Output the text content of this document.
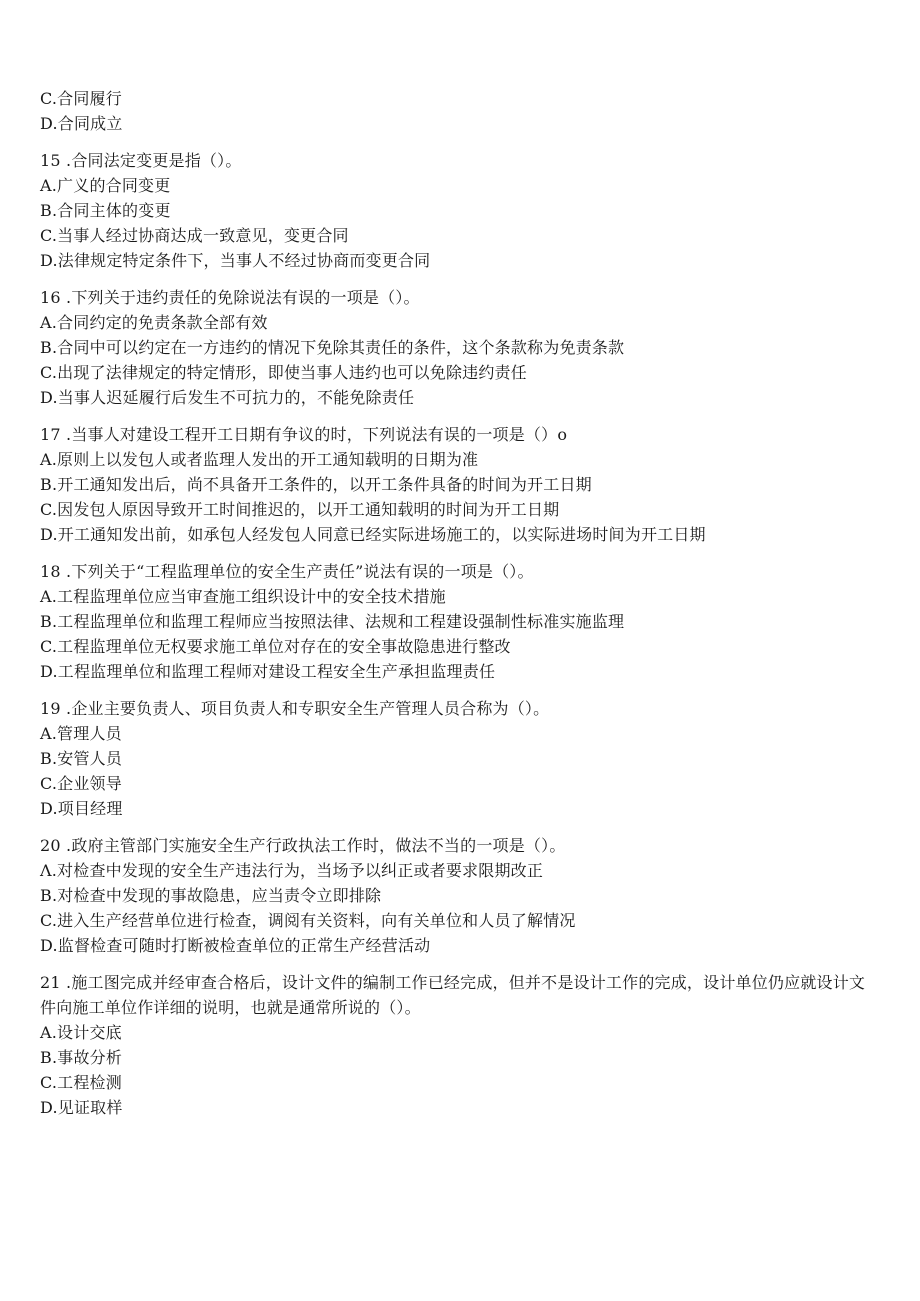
C.合同履行
D.合同成立
15 .合同法定变更是指（）。
A.广义的合同变更
B.合同主体的变更
C.当事人经过协商达成一致意见，变更合同
D.法律规定特定条件下，当事人不经过协商而变更合同
16 .下列关于违约责任的免除说法有误的一项是（）。
A.合同约定的免责条款全部有效
B.合同中可以约定在一方违约的情况下免除其责任的条件，这个条款称为免责条款
C.出现了法律规定的特定情形，即使当事人违约也可以免除违约责任
D.当事人迟延履行后发生不可抗力的，不能免除责任
17 .当事人对建设工程开工日期有争议的时，下列说法有误的一项是（）o
A.原则上以发包人或者监理人发出的开工通知载明的日期为准
B.开工通知发出后，尚不具备开工条件的，以开工条件具备的时间为开工日期
C.因发包人原因导致开工时间推迟的，以开工通知载明的时间为开工日期
D.开工通知发出前，如承包人经发包人同意已经实际进场施工的，以实际进场时间为开工日期
18 .下列关于“工程监理单位的安全生产责任”说法有误的一项是（）。
A.工程监理单位应当审查施工组织设计中的安全技术措施
B.工程监理单位和监理工程师应当按照法律、法规和工程建设强制性标准实施监理
C.工程监理单位无权要求施工单位对存在的安全事故隐患进行整改
D.工程监理单位和监理工程师对建设工程安全生产承担监理责任
19 .企业主要负责人、项目负责人和专职安全生产管理人员合称为（）。
A.管理人员
B.安管人员
C.企业领导
D.项目经理
20 .政府主管部门实施安全生产行政执法工作时，做法不当的一项是（）。
Λ.对检查中发现的安全生产违法行为，当场予以纠正或者要求限期改正
B.对检查中发现的事故隐患，应当责令立即排除
C.进入生产经营单位进行检查，调阅有关资料，向有关单位和人员了解情况
D.监督检查可随时打断被检查单位的正常生产经营活动
21 .施工图完成并经审查合格后，设计文件的编制工作已经完成，但并不是设计工作的完成，设计单位仍应就设计文件向施工单位作详细的说明，也就是通常所说的（）。
A.设计交底
B.事故分析
C.工程检测
D.见证取样
